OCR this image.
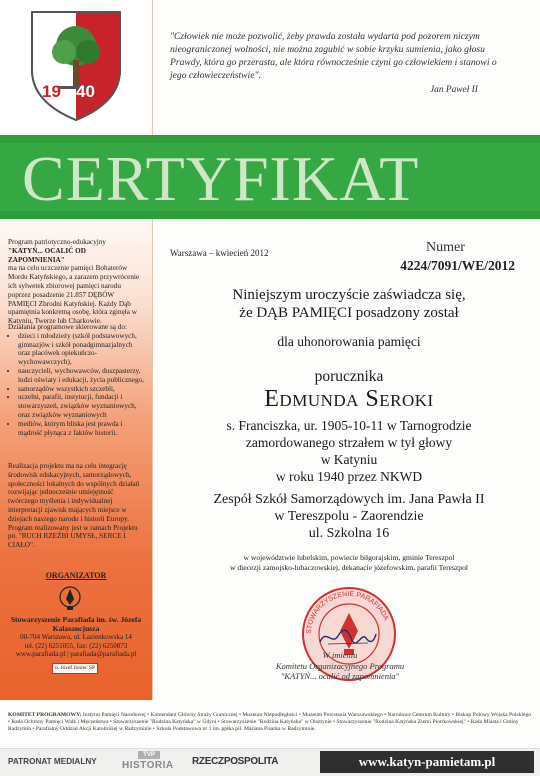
19 40
"Człowiek nie może pozwolić, żeby prawda została wydarta pod pozorem niczym nieograniczonej wolności, nie można zagubić w sobie krzyku sumienia, jako głosu Prawdy, która go przerasta, ale która równocześnie czyni go człowiekiem i stanowi o jego człowieczeństwie".
Jan Paweł II
CERTYFIKAT
Program patriotyczno-edukacyjny
"KATYŃ... OCALIĆ OD ZAPOMNIENIA"
ma na celu uczczenie pamięci Bohaterów Mordu Katyńskiego, a zarazem przywrócenie ich sylwetek zbiorowej pamięci narodu poprzez posadzenie 21.857 DĘBÓW PAMIĘCI Zbrodni Katyńskiej. Każdy Dąb upamiętnia konkretną osobę, która zginęła w Katyniu, Twerze lub Charkowie.
Działania programowe skierowane są do:
• dzieci i młodzieży (szkół podstawowych, gimnazjów i szkół ponadgimnazjalnych oraz placówek opiekuńczo-wychowawczych),
• nauczycieli, wychowawców, duszpasterzy, ludzi oświaty i edukacji, życia publicznego,
• samorządów wszystkich szczebli,
• uczelni, parafii, instytucji, fundacji i stowarzyszeń, związków wyznaniowych, oraz związków wyznaniowych
• mediów, którym bliska jest prawda i mądrość płynąca z faktów historii.
Realizacja projektu ma na celu integrację środowisk edukacyjnych, samorządowych, społeczności lokalnych do wspólnych działań rozwijając jednocześnie umiejętność twórczego myślenia i indywidualnej interpretacji zjawisk mających miejsce w dziejach naszego narodu i historii Europy. Program realizowany jest w ramach Projektu pn. "RUCH RZEŹBI UMYSŁ, SERCE I CIAŁO".
ORGANIZATOR
Stowarzyszenie Parafiada im. św. Józefa Kalasancjusza
00-704 Warszawa, ul. Łazienkowska 14
tel. (22) 6251055, fax: (22) 6250873
www.parafiada.pl | parafiada@parafiada.pl
o. Józef Joniec SP
Warszawa – kwiecień 2012	Numer
4224/7091/WE/2012
Niniejszym uroczyście zaświadcza się,
że DĄB PAMIĘCI posadzony został
dla uhonorowania pamięci
porucznika
Edmunda Seroki
s. Franciszka, ur. 1905-10-11 w Tarnogrodzie
zamordowanego strzałem w tył głowy
w Katyniu
w roku 1940 przez NKWD
Zespół Szkół Samorządowych im. Jana Pawła II
w Tereszpolu - Zaorendzie
ul. Szkolna 16
w województwie lubelskim, powiecie biłgorajskim, gminie Tereszpol
w diecezji zamojsko-lubaczowskiej, dekanacie józefowskim, parafii Tereszpol
STOWARZYSZENIE PARAFIADA
W imieniu
Komitetu Organizacyjnego Programu
"KATYŃ... ocalić od zapomnienia"
KOMITET PROGRAMOWY: Instytut Pamięci Narodowej • Komendant Główny Straży Granicznej • Muzeum Niepodległości • Muzeum Powstania Warszawskiego • Narodowe Centrum Kultury • Biskup Polowy Wojska Polskiego • Rada Ochrony Pamięci Walk i Męczeństwa • Stowarzyszenie "Rodzina Katyńska" w Gdyni • Stowarzyszenie "Rodzina Katyńska" w Olsztynie • Stowarzyszenie "Rodzina Katyńska Ziemi Piotrkowskiej" • Rada Miasta i Gminy Radzymin • Parafialny Oddział Akcji Katolickiej w Radzyminie • Szkoła Podstawowa nr 1 im. ppłka pil. Mariana Pisarka w Radzyminie.
PATRONAT MEDIALNY
TVP
HISTORIA RZECZPOSPOLITA	www.katyn-pamietam.pl
